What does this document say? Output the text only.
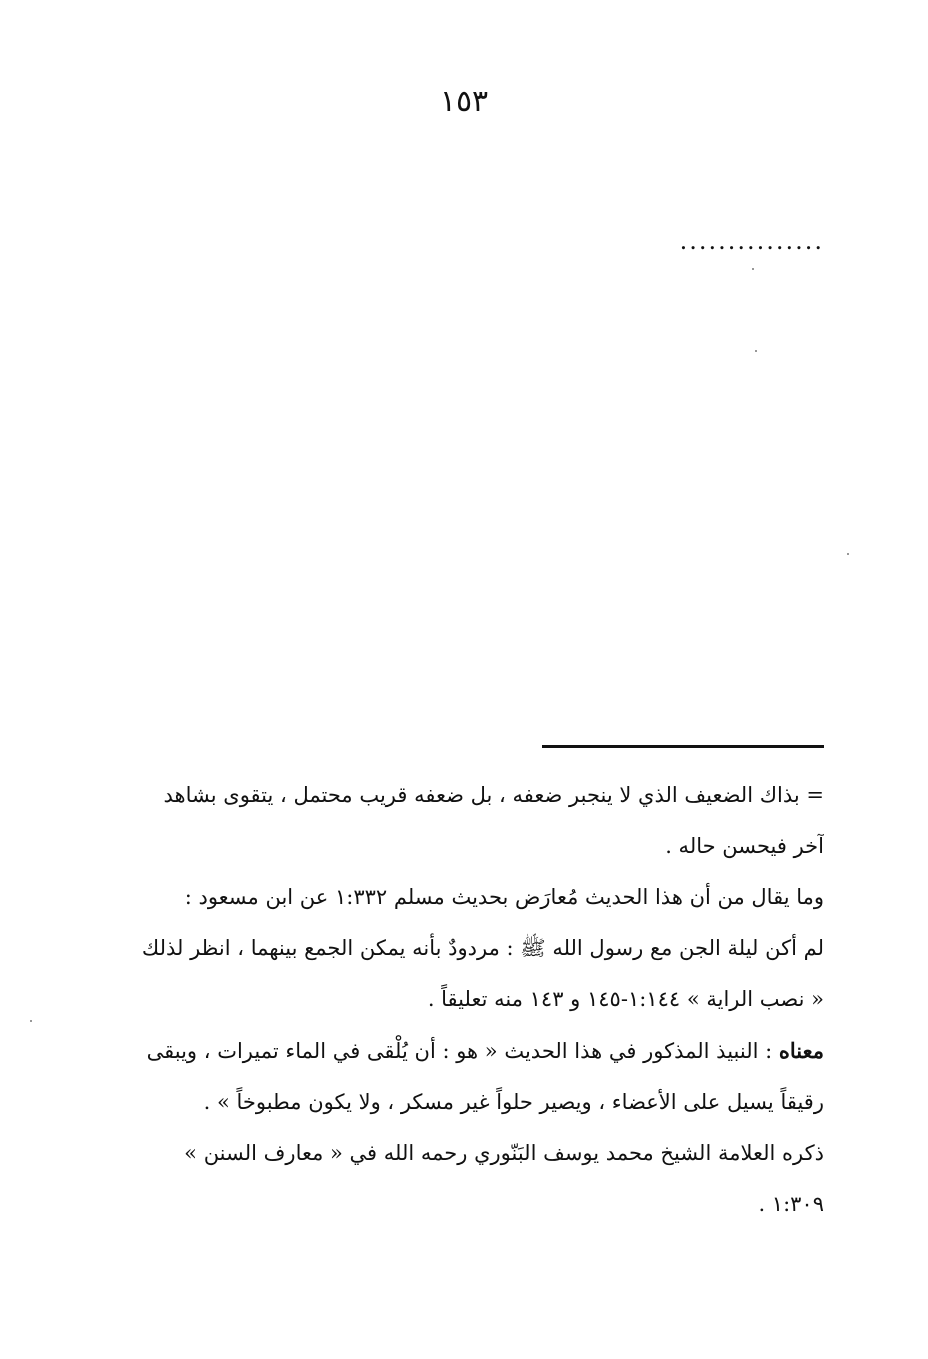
١٥٣
...............
= بذاك الضعيف الذي لا ينجبر ضعفه ، بل ضعفه قريب محتمل ، يتقوى بشاهد
آخر فيحسن حاله .
وما يقال من أن هذا الحديث مُعارَض بحديث مسلم ١:٣٣٢ عن ابن مسعود :
لم أكن ليلة الجن مع رسول الله ﷺ : مردودٌ بأنه يمكن الجمع بينهما ، انظر لذلك
« نصب الراية » ١:١٤٤-١٤٥ و ١٤٣ منه تعليقاً .
معناه : النبيذ المذكور في هذا الحديث « هو : أن يُلْقى في الماء تميرات ، ويبقى
رقيقاً يسيل على الأعضاء ، ويصير حلواً غير مسكر ، ولا يكون مطبوخاً » .
ذكره العلامة الشيخ محمد يوسف البَنّوري رحمه الله في « معارف السنن »
١:٣٠٩ .
